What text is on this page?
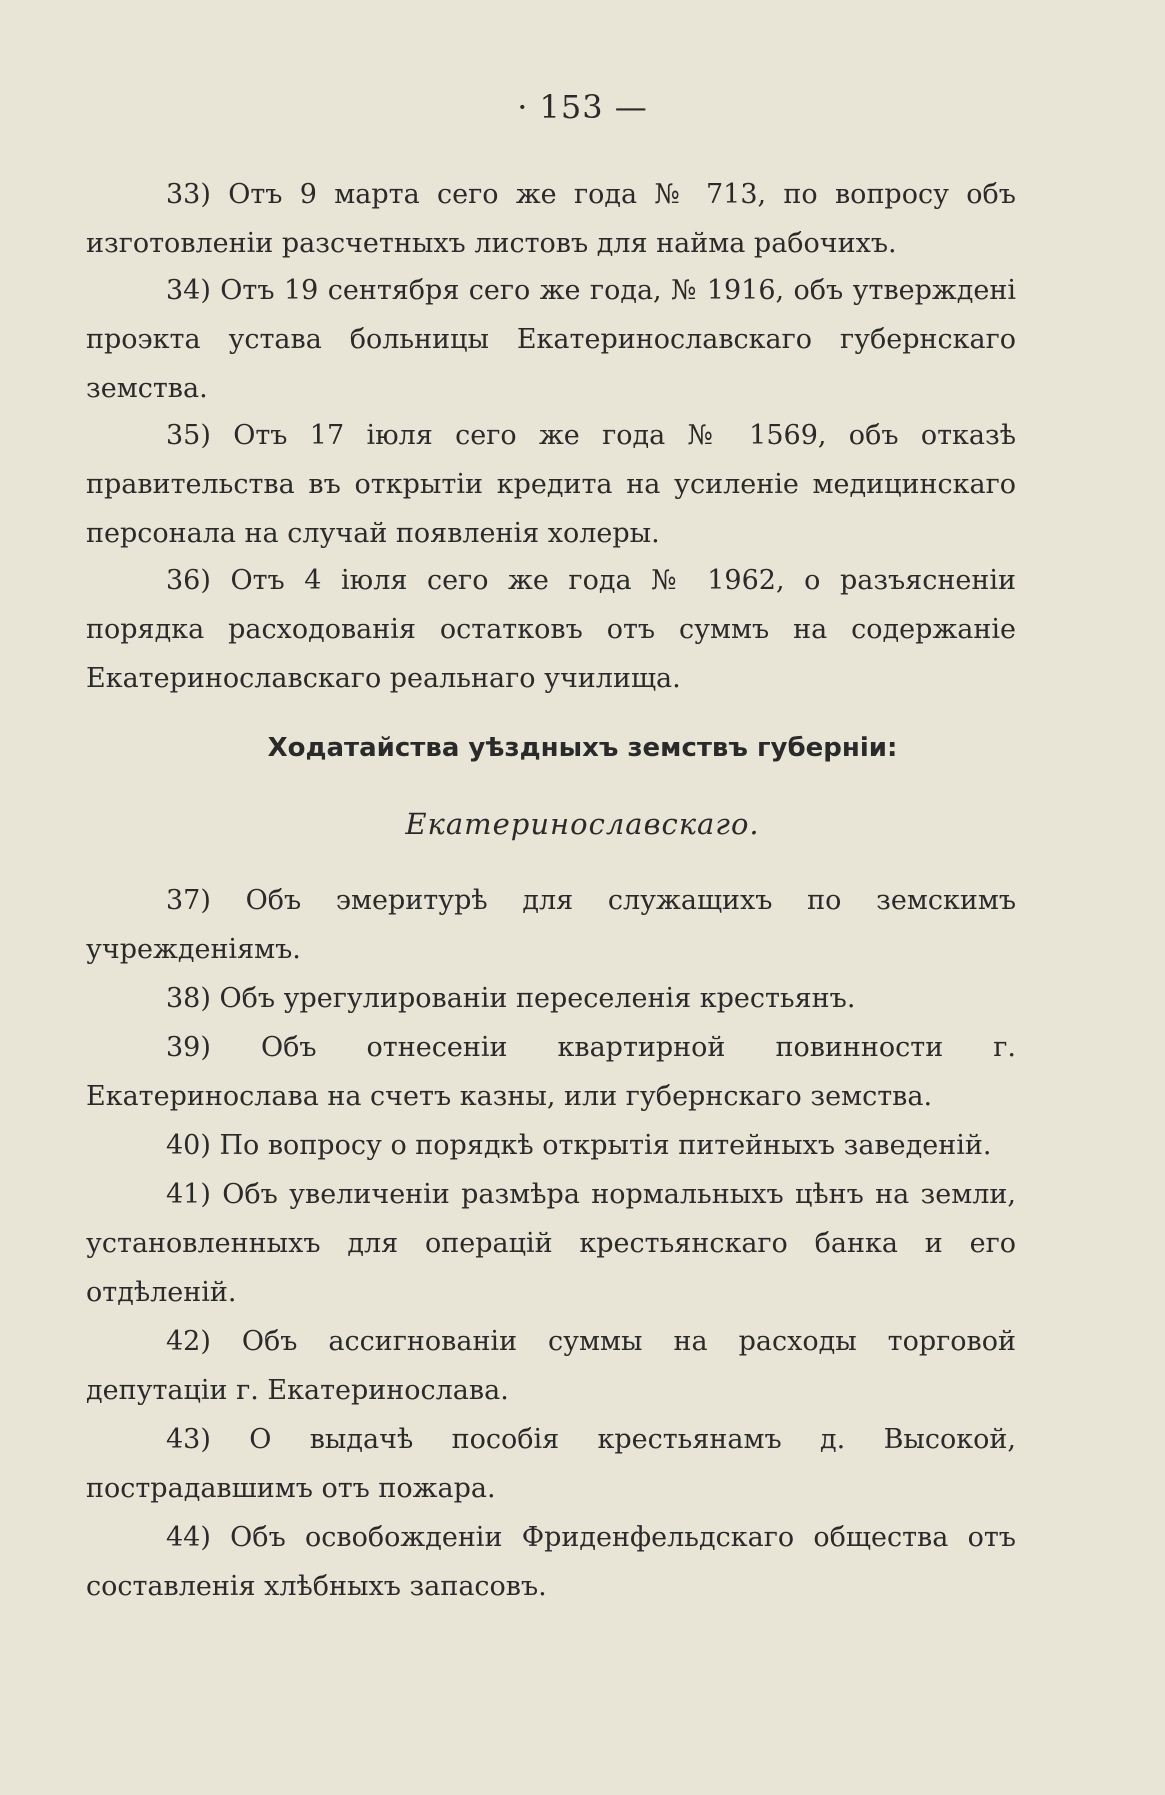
· 153 —

33) Отъ 9 марта сего же года № 713, по вопросу объ изготовленіи разсчетныхъ листовъ для найма рабочихъ.

34) Отъ 19 сентября сего же года, № 1916, объ утверждені проэкта устава больницы Екатеринославскаго губернскаго земства.

35) Отъ 17 іюля сего же года № 1569, объ отказѣ правительства въ открытіи кредита на усиленіе медицинскаго персонала на случай появленія холеры.

36) Отъ 4 іюля сего же года № 1962, о разъясненіи порядка расходованія остатковъ отъ суммъ на содержаніе Екатеринославскаго реальнаго училища.

Ходатайства уѣздныхъ земствъ губерніи:
Екатеринославскаго.

37) Объ эмеритурѣ для служащихъ по земскимъ учрежденіямъ.

38) Объ урегулированіи переселенія крестьянъ.

39) Объ отнесеніи квартирной повинности г. Екатеринослава на счетъ казны, или губернскаго земства.

40) По вопросу о порядкѣ открытія питейныхъ заведеній.

41) Объ увеличеніи размѣра нормальныхъ цѣнъ на земли, установленныхъ для операцій крестьянскаго банка и его отдѣленій.

42) Объ ассигнованіи суммы на расходы торговой депутаціи г. Екатеринослава.

43) О выдачѣ пособія крестьянамъ д. Высокой, пострадавшимъ отъ пожара.

44) Объ освобожденіи Фриденфельдскаго общества отъ составленія хлѣбныхъ запасовъ.
